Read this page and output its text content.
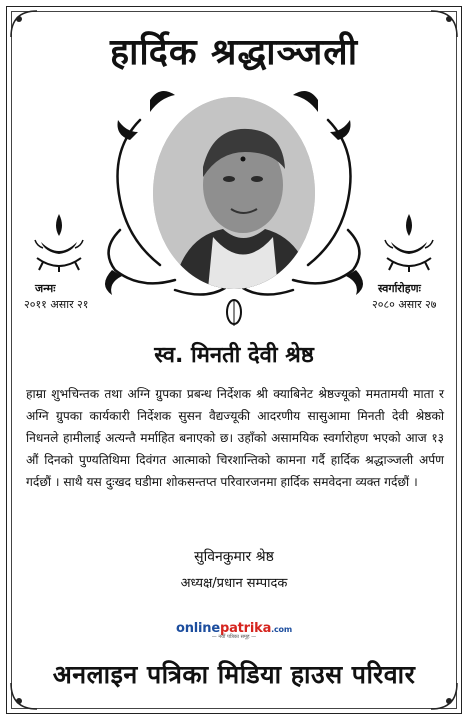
हार्दिक श्रद्धाञ्जली
जन्मः
२०११ असार २१
स्वर्गारोहणः
२०८० असार २७
स्व. मिनती देवी श्रेष्ठ
हाम्रा शुभचिन्तक तथा अग्नि ग्रुपका प्रबन्ध निर्देशक श्री क्याबिनेट श्रेष्ठज्यूको ममतामयी माता र अग्नि ग्रुपका कार्यकारी निर्देशक सुसन वैद्यज्यूकी आदरणीय सासुआमा मिनती देवी श्रेष्ठको निधनले हामीलाई अत्यन्तै मर्माहित बनाएको छ। उहाँको असामयिक स्वर्गारोहण भएको आज १३ औं दिनको पुण्यतिथिमा दिवंगत आत्माको चिरशान्तिको कामना गर्दै हार्दिक श्रद्धाञ्जली अर्पण गर्दछौं । साथै यस दुःखद घडीमा शोकसन्तप्त परिवारजनमा हार्दिक समवेदना व्यक्त गर्दछौं ।
सुविनकुमार श्रेष्ठ
अध्यक्ष/प्रधान सम्पादक
onlinepatrika.com
— नयाँ पत्रिका समूह —
अनलाइन पत्रिका मिडिया हाउस परिवार
